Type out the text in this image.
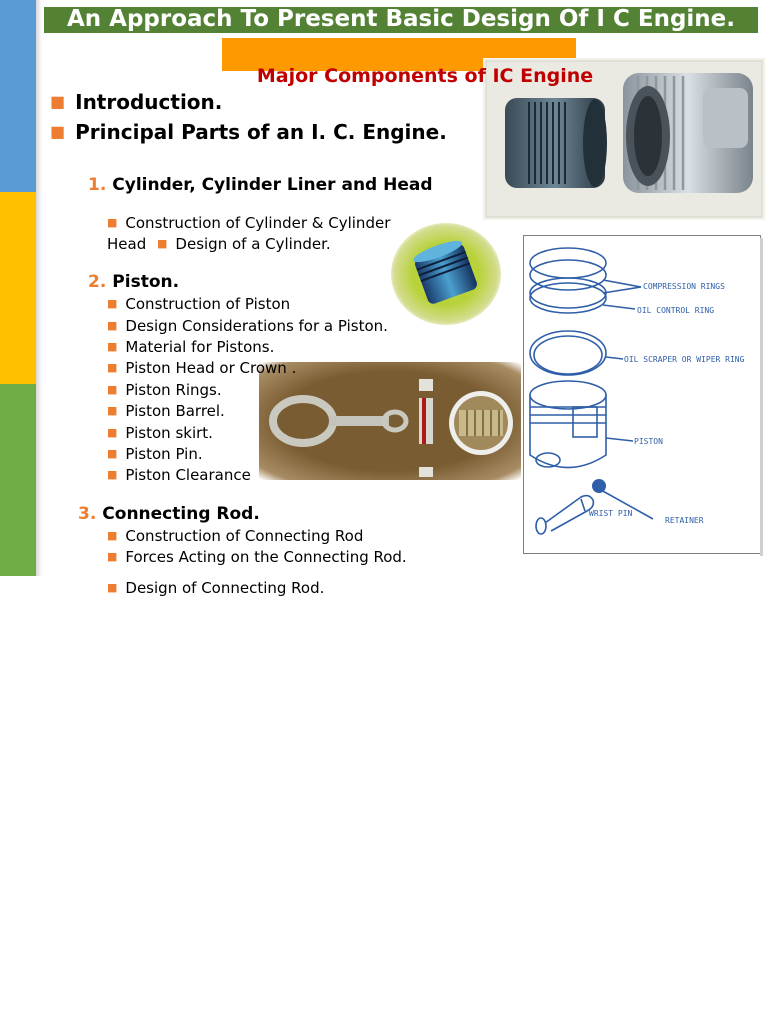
An Approach To Present Basic Design Of I C Engine.
Major Components of IC Engine
■ Introduction.
■ Principal Parts of an I. C. Engine.
1. Cylinder, Cylinder Liner and Head
■ Construction of Cylinder & Cylinder
Head ■ Design of a Cylinder.
2. Piston.
■ Construction of Piston
■ Design Considerations for a Piston.
■ Material for Pistons.
■ Piston Head or Crown .
■ Piston Rings.
■ Piston Barrel.
■ Piston skirt.
■ Piston Pin.
■ Piston Clearance
3. Connecting Rod.
■ Construction of Connecting Rod
■ Forces Acting on the Connecting Rod.
■ Design of Connecting Rod.
COMPRESSION RINGS
OIL CONTROL RING
OIL SCRAPER OR WIPER RING
PISTON
WRIST PIN
RETAINER
